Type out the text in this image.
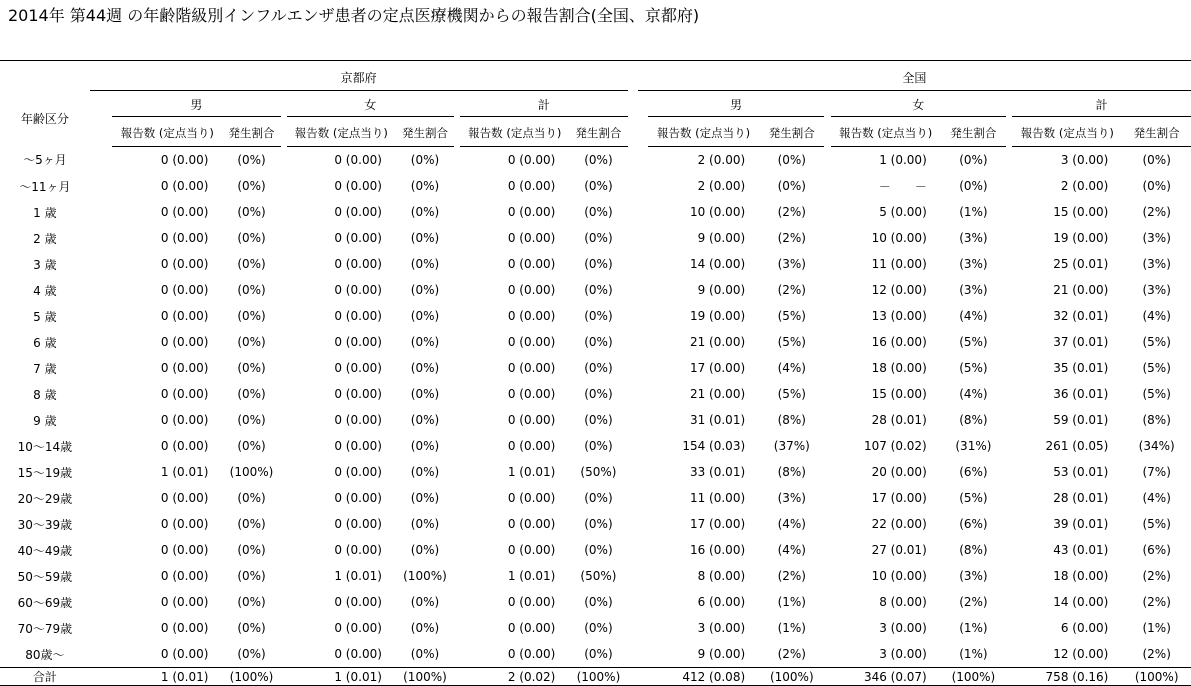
2014年 第44週 の年齢階級別インフルエンザ患者の定点医療機関からの報告割合(全国、京都府)
	京都府										全国								
年齢区分		男			女			計				男			女			計	
		報告数 (定点当り)	発生割合		報告数 (定点当り)	発生割合		報告数 (定点当り)	発生割合			報告数 (定点当り)	発生割合		報告数 (定点当り)	発生割合		報告数 (定点当り)	発生割合
～5ヶ月		0 (0.00)	(0%)		0 (0.00)	(0%)		0 (0.00)	(0%)			2 (0.00)	(0%)		1 (0.00)	(0%)		3 (0.00)	(0%)
～11ヶ月		0 (0.00)	(0%)		0 (0.00)	(0%)		0 (0.00)	(0%)			2 (0.00)	(0%)		－　　－	(0%)		2 (0.00)	(0%)
1 歳		0 (0.00)	(0%)		0 (0.00)	(0%)		0 (0.00)	(0%)			10 (0.00)	(2%)		5 (0.00)	(1%)		15 (0.00)	(2%)
2 歳		0 (0.00)	(0%)		0 (0.00)	(0%)		0 (0.00)	(0%)			9 (0.00)	(2%)		10 (0.00)	(3%)		19 (0.00)	(3%)
3 歳		0 (0.00)	(0%)		0 (0.00)	(0%)		0 (0.00)	(0%)			14 (0.00)	(3%)		11 (0.00)	(3%)		25 (0.01)	(3%)
4 歳		0 (0.00)	(0%)		0 (0.00)	(0%)		0 (0.00)	(0%)			9 (0.00)	(2%)		12 (0.00)	(3%)		21 (0.00)	(3%)
5 歳		0 (0.00)	(0%)		0 (0.00)	(0%)		0 (0.00)	(0%)			19 (0.00)	(5%)		13 (0.00)	(4%)		32 (0.01)	(4%)
6 歳		0 (0.00)	(0%)		0 (0.00)	(0%)		0 (0.00)	(0%)			21 (0.00)	(5%)		16 (0.00)	(5%)		37 (0.01)	(5%)
7 歳		0 (0.00)	(0%)		0 (0.00)	(0%)		0 (0.00)	(0%)			17 (0.00)	(4%)		18 (0.00)	(5%)		35 (0.01)	(5%)
8 歳		0 (0.00)	(0%)		0 (0.00)	(0%)		0 (0.00)	(0%)			21 (0.00)	(5%)		15 (0.00)	(4%)		36 (0.01)	(5%)
9 歳		0 (0.00)	(0%)		0 (0.00)	(0%)		0 (0.00)	(0%)			31 (0.01)	(8%)		28 (0.01)	(8%)		59 (0.01)	(8%)
10～14歳		0 (0.00)	(0%)		0 (0.00)	(0%)		0 (0.00)	(0%)			154 (0.03)	(37%)		107 (0.02)	(31%)		261 (0.05)	(34%)
15～19歳		1 (0.01)	(100%)		0 (0.00)	(0%)		1 (0.01)	(50%)			33 (0.01)	(8%)		20 (0.00)	(6%)		53 (0.01)	(7%)
20～29歳		0 (0.00)	(0%)		0 (0.00)	(0%)		0 (0.00)	(0%)			11 (0.00)	(3%)		17 (0.00)	(5%)		28 (0.01)	(4%)
30～39歳		0 (0.00)	(0%)		0 (0.00)	(0%)		0 (0.00)	(0%)			17 (0.00)	(4%)		22 (0.00)	(6%)		39 (0.01)	(5%)
40～49歳		0 (0.00)	(0%)		0 (0.00)	(0%)		0 (0.00)	(0%)			16 (0.00)	(4%)		27 (0.01)	(8%)		43 (0.01)	(6%)
50～59歳		0 (0.00)	(0%)		1 (0.01)	(100%)		1 (0.01)	(50%)			8 (0.00)	(2%)		10 (0.00)	(3%)		18 (0.00)	(2%)
60～69歳		0 (0.00)	(0%)		0 (0.00)	(0%)		0 (0.00)	(0%)			6 (0.00)	(1%)		8 (0.00)	(2%)		14 (0.00)	(2%)
70～79歳		0 (0.00)	(0%)		0 (0.00)	(0%)		0 (0.00)	(0%)			3 (0.00)	(1%)		3 (0.00)	(1%)		6 (0.00)	(1%)
80歳～		0 (0.00)	(0%)		0 (0.00)	(0%)		0 (0.00)	(0%)			9 (0.00)	(2%)		3 (0.00)	(1%)		12 (0.00)	(2%)
合計		1 (0.01)	(100%)		1 (0.01)	(100%)		2 (0.02)	(100%)			412 (0.08)	(100%)		346 (0.07)	(100%)		758 (0.16)	(100%)
